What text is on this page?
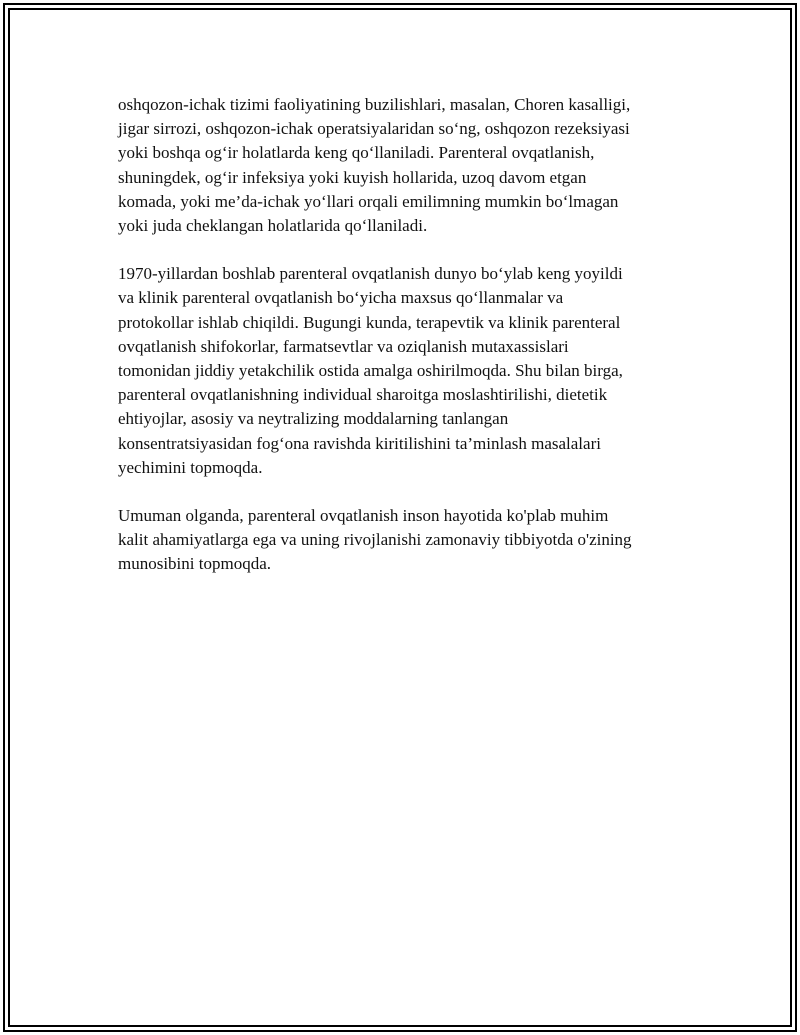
oshqozon-ichak tizimi faoliyatining buzilishlari, masalan, Choren kasalligi,
jigar sirrozi, oshqozon-ichak operatsiyalaridan so‘ng, oshqozon rezeksiyasi
yoki boshqa og‘ir holatlarda keng qo‘llaniladi. Parenteral ovqatlanish,
shuningdek, og‘ir infeksiya yoki kuyish hollarida, uzoq davom etgan
komada, yoki me’da-ichak yo‘llari orqali emilimning mumkin bo‘lmagan
yoki juda cheklangan holatlarida qo‘llaniladi.

1970-yillardan boshlab parenteral ovqatlanish dunyo bo‘ylab keng yoyildi
va klinik parenteral ovqatlanish bo‘yicha maxsus qo‘llanmalar va
protokollar ishlab chiqildi. Bugungi kunda, terapevtik va klinik parenteral
ovqatlanish shifokorlar, farmatsevtlar va oziqlanish mutaxassislari
tomonidan jiddiy yetakchilik ostida amalga oshirilmoqda. Shu bilan birga,
parenteral ovqatlanishning individual sharoitga moslashtirilishi, dietetik
ehtiyojlar, asosiy va neytralizing moddalarning tanlangan
konsentratsiyasidan fog‘ona ravishda kiritilishini ta’minlash masalalari
yechimini topmoqda.

Umuman olganda, parenteral ovqatlanish inson hayotida ko'plab muhim
kalit ahamiyatlarga ega va uning rivojlanishi zamonaviy tibbiyotda o'zining
munosibini topmoqda.
